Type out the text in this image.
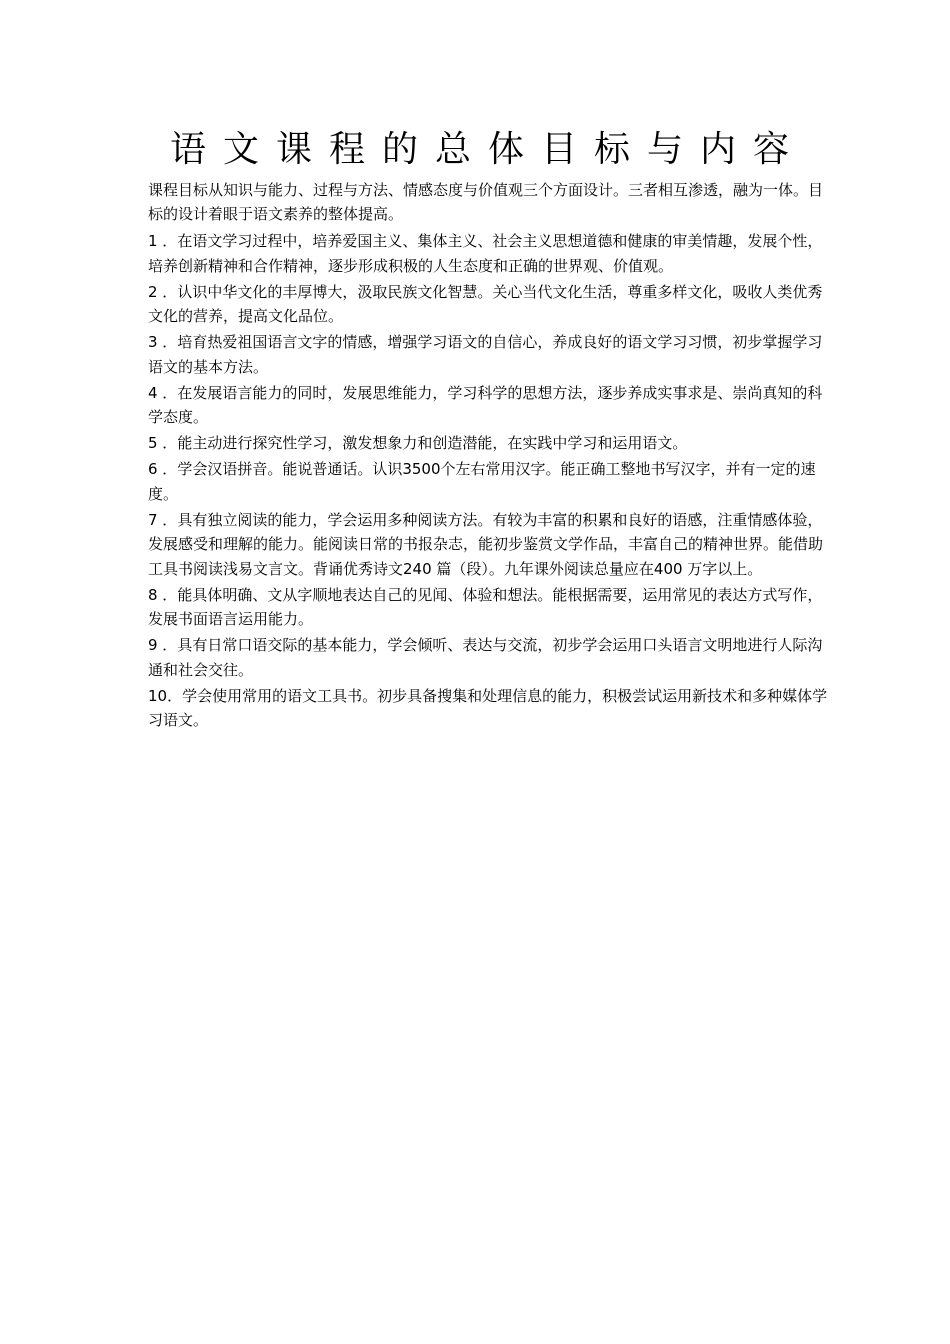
语文课程的总体目标与内容

课程目标从知识与能力、过程与方法、情感态度与价值观三个方面设计。三者相互渗透，融为一体。目标的设计着眼于语文素养的整体提高。

1 ．在语文学习过程中，培养爱国主义、集体主义、社会主义思想道德和健康的审美情趣，发展个性，培养创新精神和合作精神，逐步形成积极的人生态度和正确的世界观、价值观。
2 ．认识中华文化的丰厚博大，汲取民族文化智慧。关心当代文化生活，尊重多样文化，吸收人类优秀文化的营养，提高文化品位。
3 ．培育热爱祖国语言文字的情感，增强学习语文的自信心，养成良好的语文学习习惯，初步掌握学习语文的基本方法。
4 ．在发展语言能力的同时，发展思维能力，学习科学的思想方法，逐步养成实事求是、崇尚真知的科学态度。
5 ．能主动进行探究性学习，激发想象力和创造潜能，在实践中学习和运用语文。
6 ．学会汉语拼音。能说普通话。认识3500个左右常用汉字。能正确工整地书写汉字，并有一定的速度。
7 ．具有独立阅读的能力，学会运用多种阅读方法。有较为丰富的积累和良好的语感，注重情感体验，发展感受和理解的能力。能阅读日常的书报杂志，能初步鉴赏文学作品，丰富自己的精神世界。能借助工具书阅读浅易文言文。背诵优秀诗文240 篇（段）。九年课外阅读总量应在400 万字以上。
8 ．能具体明确、文从字顺地表达自己的见闻、体验和想法。能根据需要，运用常见的表达方式写作，发展书面语言运用能力。
9 ．具有日常口语交际的基本能力，学会倾听、表达与交流，初步学会运用口头语言文明地进行人际沟通和社会交往。
10．学会使用常用的语文工具书。初步具备搜集和处理信息的能力，积极尝试运用新技术和多种媒体学习语文。
